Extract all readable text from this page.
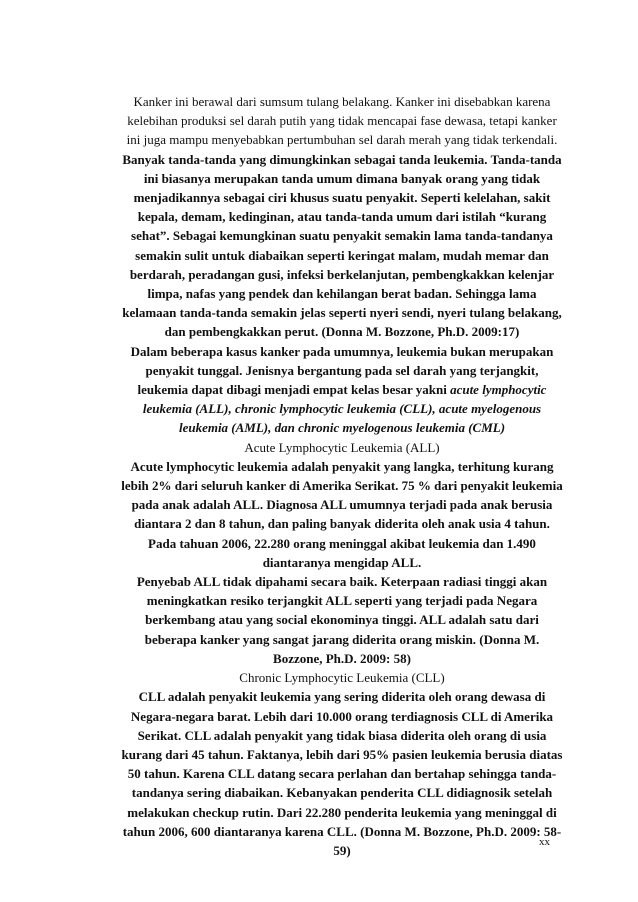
Kanker ini berawal dari sumsum tulang belakang. Kanker ini disebabkan karena kelebihan produksi sel darah putih yang tidak mencapai fase dewasa, tetapi kanker ini juga mampu menyebabkan pertumbuhan sel darah merah yang tidak terkendali.

Banyak tanda-tanda yang dimungkinkan sebagai tanda leukemia. Tanda-tanda ini biasanya merupakan tanda umum dimana banyak orang yang tidak menjadikannya sebagai ciri khusus suatu penyakit. Seperti kelelahan, sakit kepala, demam, kedinginan, atau tanda-tanda umum dari istilah “kurang sehat”. Sebagai kemungkinan suatu penyakit semakin lama tanda-tandanya semakin sulit untuk diabaikan seperti keringat malam, mudah memar dan berdarah, peradangan gusi, infeksi berkelanjutan, pembengkakkan kelenjar limpa, nafas yang pendek dan kehilangan berat badan. Sehingga lama kelamaan tanda-tanda semakin jelas seperti nyeri sendi, nyeri tulang belakang, dan pembengkakkan perut. (Donna M. Bozzone, Ph.D. 2009:17)

Dalam beberapa kasus kanker pada umumnya, leukemia bukan merupakan penyakit tunggal. Jenisnya bergantung pada sel darah yang terjangkit, leukemia dapat dibagi menjadi empat kelas besar yakni acute lymphocytic leukemia (ALL), chronic lymphocytic leukemia (CLL), acute myelogenous leukemia (AML), dan chronic myelogenous leukemia (CML)

Acute Lymphocytic Leukemia (ALL)

Acute lymphocytic leukemia adalah penyakit yang langka, terhitung kurang lebih 2% dari seluruh kanker di Amerika Serikat. 75 % dari penyakit leukemia pada anak adalah ALL. Diagnosa ALL umumnya terjadi pada anak berusia diantara 2 dan 8 tahun, dan paling banyak diderita oleh anak usia 4 tahun. Pada tahuan 2006, 22.280 orang meninggal akibat leukemia dan 1.490 diantaranya mengidap ALL.

Penyebab ALL tidak dipahami secara baik. Keterpaan radiasi tinggi akan meningkatkan resiko terjangkit ALL seperti yang terjadi pada Negara berkembang atau yang social ekonominya tinggi. ALL adalah satu dari beberapa kanker yang sangat jarang diderita orang miskin. (Donna M. Bozzone, Ph.D. 2009: 58)

Chronic Lymphocytic Leukemia (CLL)

CLL adalah penyakit leukemia yang sering diderita oleh orang dewasa di Negara-negara barat. Lebih dari 10.000 orang terdiagnosis CLL di Amerika Serikat. CLL adalah penyakit yang tidak biasa diderita oleh orang di usia kurang dari 45 tahun. Faktanya, lebih dari 95% pasien leukemia berusia diatas 50 tahun. Karena CLL datang secara perlahan dan bertahap sehingga tanda-tandanya sering diabaikan. Kebanyakan penderita CLL didiagnosik setelah melakukan checkup rutin. Dari 22.280 penderita leukemia yang meninggal di tahun 2006, 600 diantaranya karena CLL. (Donna M. Bozzone, Ph.D. 2009: 58-59)

xx
